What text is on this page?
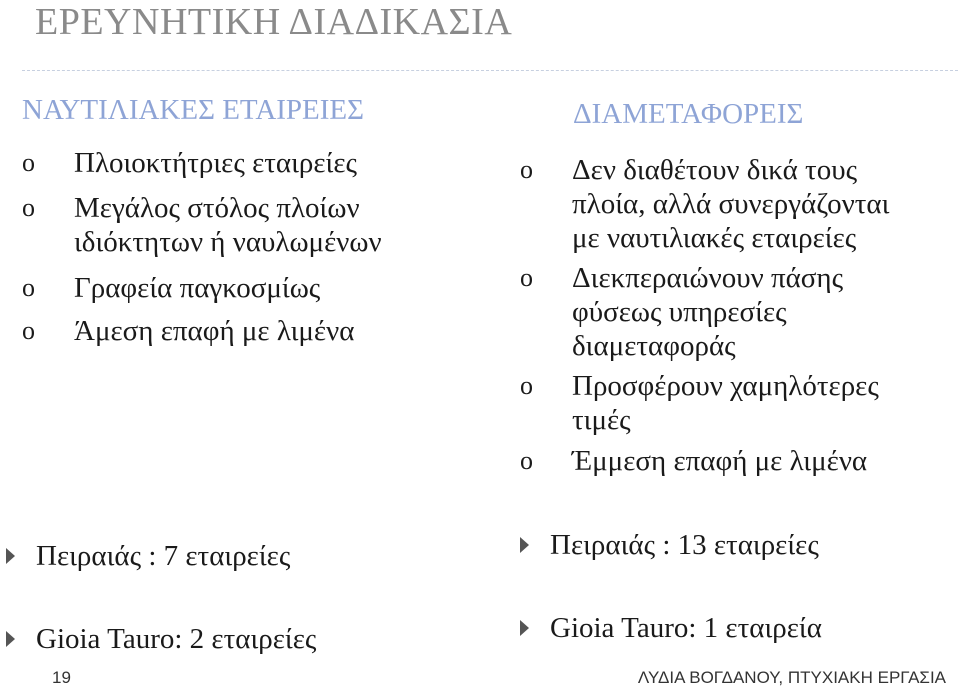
ΕΡΕΥΝΗΤΙΚΗ ΔΙΑΔΙΚΑΣΙΑ
ΝΑΥΤΙΛΙΑΚΕΣ ΕΤΑΙΡΕΙΕΣ	ΔΙΑΜΕΤΑΦΟΡΕΙΣ
o Πλοιοκτήτριες εταιρείες
o Μεγάλος στόλος πλοίων
ιδιόκτητων ή ναυλωμένων
o Γραφεία παγκοσμίως
o Άμεση επαφή με λιμένα
o Δεν διαθέτουν δικά τους
πλοία, αλλά συνεργάζονται
με ναυτιλιακές εταιρείες
o Διεκπεραιώνουν πάσης
φύσεως υπηρεσίες
διαμεταφοράς
o Προσφέρουν χαμηλότερες
τιμές
o Έμμεση επαφή με λιμένα
Πειραιάς : 7 εταιρείες
Gioia Tauro: 2 εταιρείες
Πειραιάς : 13 εταιρείες
Gioia Tauro: 1 εταιρεία
19	ΛΥΔΙΑ ΒΟΓΔΑΝΟΥ, ΠΤΥΧΙΑΚΗ ΕΡΓΑΣΙΑ
